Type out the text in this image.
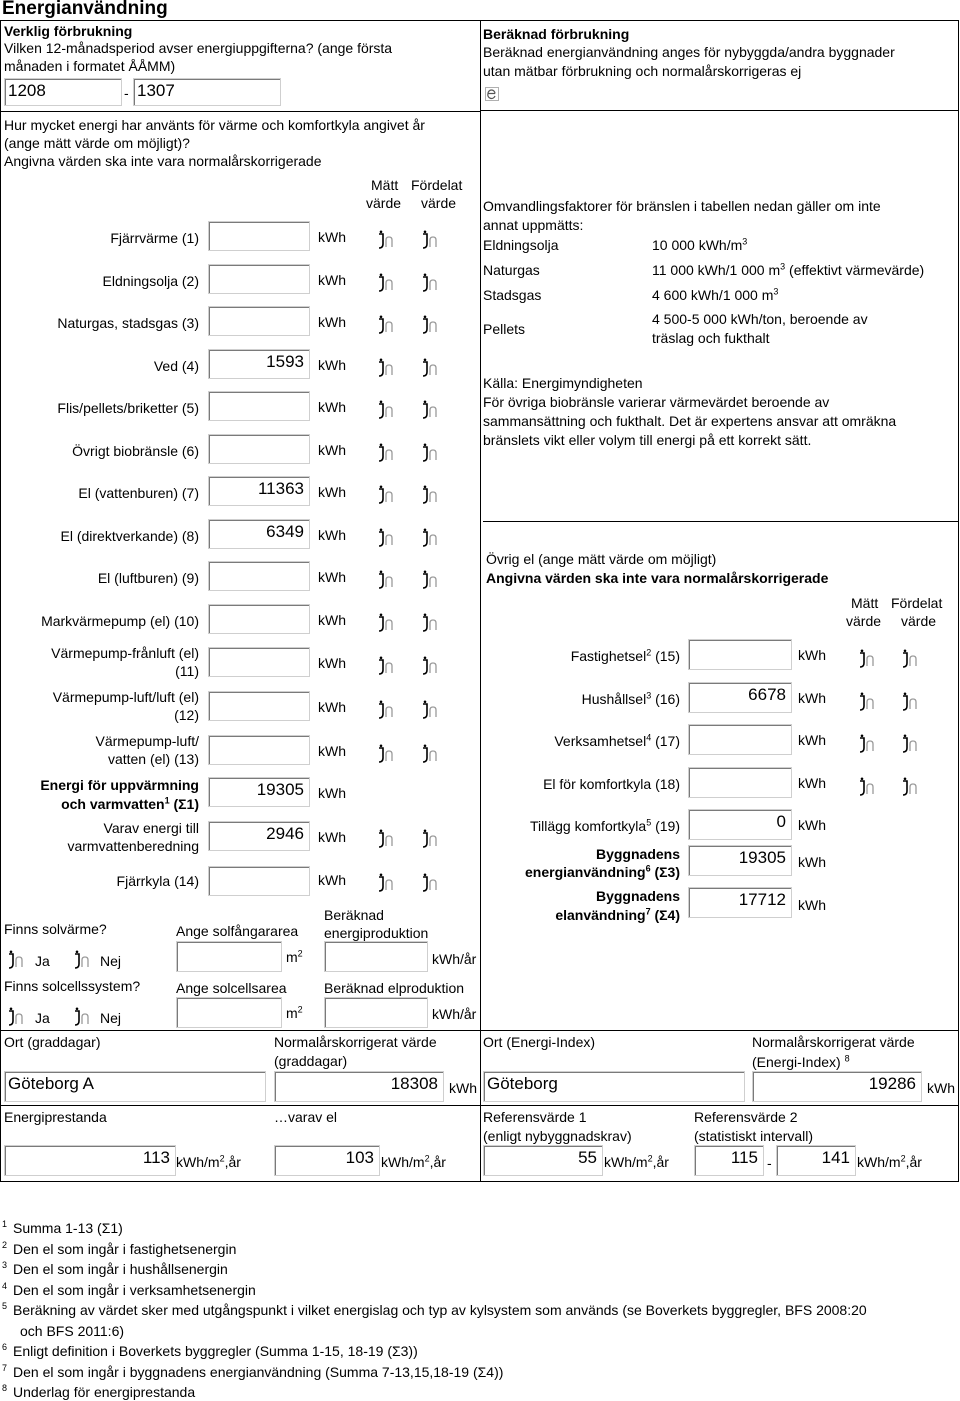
Energianvändning
Verklig förbrukning
Vilken 12-månadsperiod avser energiuppgifterna? (ange första
månaden i formatet ÅÅMM)
1208	- 1307
Hur mycket energi har använts för värme och komfortkyla angivet år
(ange mätt värde om möjligt)?
Angivna värden ska inte vara normalårskorrigerade
Mätt
värde
Fördelat
värde
Fjärrvärme (1)	kWh
Eldningsolja (2)	kWh
Naturgas, stadsgas (3)	kWh
Ved (4)	1593	kWh
Flis/pellets/briketter (5)	kWh
Övrigt biobränsle (6)	kWh
El (vattenburen) (7)	11363	kWh
El (direktverkande) (8)	6349	kWh
El (luftburen) (9)	kWh
Markvärmepump (el) (10)	kWh
Värmepump-frånluft (el)
(11)	kWh
Värmepump-luft/luft (el)
(12)	kWh
Värmepump-luft/
vatten (el) (13)	kWh
Energi för uppvärmning
och varmvatten$^1$ (Σ1)
19305	kWh
Varav energi till
varmvattenberedning
2946	kWh
Fjärrkyla (14)	kWh
Finns solvärme?	Ange solfångararea
Beräknad
energiproduktion
Ja	Nej	$m^2$	kWh/år
Finns solcellssystem?	Ange solcellsarea	Beräknad elproduktion
Ja	Nej	$m^2$	kWh/år
Beräknad förbrukning
Beräknad energianvändning anges för nybyggda/andra byggnader
utan mätbar förbrukning och normalårskorrigeras ej
Omvandlingsfaktorer för bränslen i tabellen nedan gäller om inte
annat uppmätts:
Eldningsolja	10 000 kWh/$m^3$
Naturgas	11 000 kWh/1 000 $m^3$ (effektivt värmevärde)
Stadsgas	4 600 kWh/1 000 $m^3$
Pellets
4 500-5 000 kWh/ton, beroende av
träslag och fukthalt
Källa: Energimyndigheten
För övriga biobränsle varierar värmevärdet beroende av
sammansättning och fukthalt. Det är expertens ansvar att omräkna
bränslets vikt eller volym till energi på ett korrekt sätt.
Övrig el (ange mätt värde om möjligt)
Angivna värden ska inte vara normalårskorrigerade
Mätt
värde
Fördelat
värde
Fastighetsel$^2$ (15)	kWh
Hushållsel$^3$ (16)	6678 kWh
Verksamhetsel$^4$ (17)	kWh
El för komfortkyla (18)	kWh
Tillägg komfortkyla$^5$ (19)	0 kWh
Byggnadens
energianvändning$^6$ (Σ3)
19305 kWh
Byggnadens
elanvändning$^7$ (Σ4)
17712 kWh
Ort (graddagar)
Göteborg A
Normalårskorrigerat värde
(graddagar)
18308 kWh
Ort (Energi-Index)
Göteborg
Normalårskorrigerat värde
(Energi-Index) $^8$
19286 kWh
Energiprestanda
113 kWh/$m^2,år$
…varav el
103 kWh/$m^2,år$
Referensvärde 1
(enligt nybyggnadskrav)
55 kWh/$m^2,år$
Referensvärde 2
(statistiskt intervall)
115 -	141 kWh/$m^2,år$
$^1$ Summa 1-13 (Σ1)
$^2$ Den el som ingår i fastighetsenergin
$^3$ Den el som ingår i hushållsenergin
$^4$ Den el som ingår i verksamhetsenergin
$^5$ Beräkning av värdet sker med utgångspunkt i vilket energislag och typ av kylsystem som används (se Boverkets byggregler, BFS 2008:20
och BFS 2011:6)
$^6$ Enligt definition i Boverkets byggregler (Summa 1-15, 18-19 (Σ3))
$^7$ Den el som ingår i byggnadens energianvändning (Summa 7-13,15,18-19 (Σ4))
$^8$ Underlag för energiprestanda
